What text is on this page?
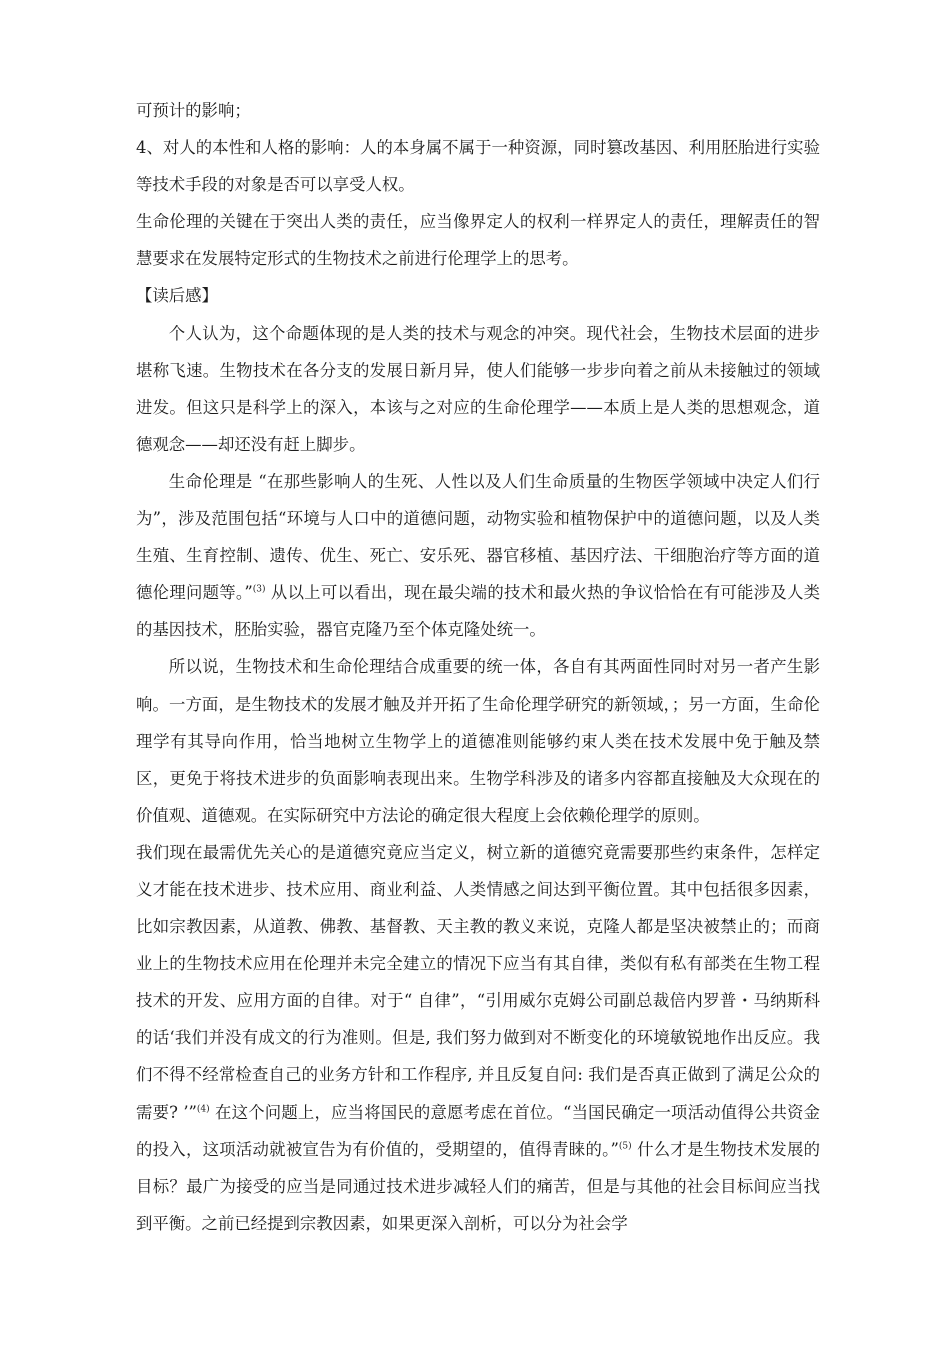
可预计的影响；

4、对人的本性和人格的影响：人的本身属不属于一种资源，同时篡改基因、利用胚胎进行实验等技术手段的对象是否可以享受人权。

生命伦理的关键在于突出人类的责任，应当像界定人的权利一样界定人的责任，理解责任的智慧要求在发展特定形式的生物技术之前进行伦理学上的思考。

【读后感】

个人认为，这个命题体现的是人类的技术与观念的冲突。现代社会，生物技术层面的进步堪称飞速。生物技术在各分支的发展日新月异，使人们能够一步步向着之前从未接触过的领域进发。但这只是科学上的深入，本该与之对应的生命伦理学——本质上是人类的思想观念，道德观念——却还没有赶上脚步。

生命伦理是 “在那些影响人的生死、人性以及人们生命质量的生物医学领域中决定人们行为”，涉及范围包括“环境与人口中的道德问题，动物实验和植物保护中的道德问题，以及人类生殖、生育控制、遗传、优生、死亡、安乐死、器官移植、基因疗法、干细胞治疗等方面的道德伦理问题等。”$^{(3)}$ 从以上可以看出，现在最尖端的技术和最火热的争议恰恰在有可能涉及人类的基因技术，胚胎实验，器官克隆乃至个体克隆处统一。

所以说，生物技术和生命伦理结合成重要的统一体，各自有其两面性同时对另一者产生影响。一方面，是生物技术的发展才触及并开拓了生命伦理学研究的新领域，；另一方面，生命伦理学有其导向作用，恰当地树立生物学上的道德准则能够约束人类在技术发展中免于触及禁区，更免于将技术进步的负面影响表现出来。生物学科涉及的诸多内容都直接触及大众现在的价值观、道德观。在实际研究中方法论的确定很大程度上会依赖伦理学的原则。

我们现在最需优先关心的是道德究竟应当定义，树立新的道德究竟需要那些约束条件，怎样定义才能在技术进步、技术应用、商业利益、人类情感之间达到平衡位置。其中包括很多因素，比如宗教因素，从道教、佛教、基督教、天主教的教义来说，克隆人都是坚决被禁止的；而商业上的生物技术应用在伦理并未完全建立的情况下应当有其自律，类似有私有部类在生物工程技术的开发、应用方面的自律。对于“ 自律”，“引用威尔克姆公司副总裁倍内罗普・马纳斯科的话‘我们并没有成文的行为准则。但是, 我们努力做到对不断变化的环境敏锐地作出反应。我们不得不经常检查自己的业务方针和工作程序, 并且反复自问: 我们是否真正做到了满足公众的需要? ’”$^{(4)}$ 在这个问题上，应当将国民的意愿考虑在首位。“当国民确定一项活动值得公共资金的投入，这项活动就被宣告为有价值的，受期望的，值得青睐的。”$^{(5)}$ 什么才是生物技术发展的目标？最广为接受的应当是同通过技术进步减轻人们的痛苦，但是与其他的社会目标间应当找到平衡。之前已经提到宗教因素，如果更深入剖析，可以分为社会学
